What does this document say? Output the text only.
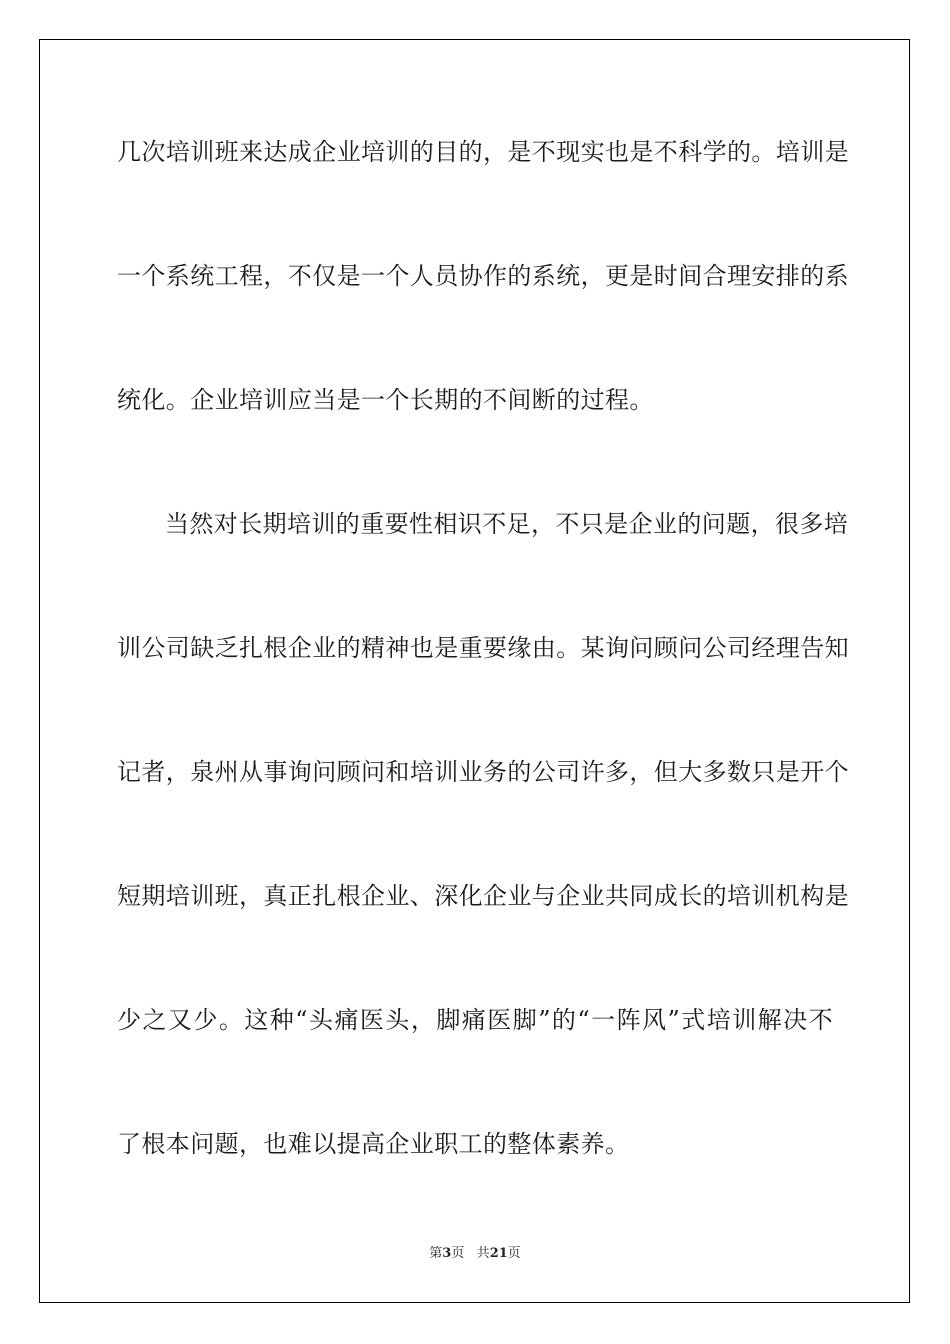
几次培训班来达成企业培训的目的，是不现实也是不科学的。培训是
一个系统工程，不仅是一个人员协作的系统，更是时间合理安排的系
统化。企业培训应当是一个长期的不间断的过程。
当然对长期培训的重要性相识不足，不只是企业的问题，很多培
训公司缺乏扎根企业的精神也是重要缘由。某询问顾问公司经理告知
记者，泉州从事询问顾问和培训业务的公司许多，但大多数只是开个
短期培训班，真正扎根企业、深化企业与企业共同成长的培训机构是
少之又少。这种“头痛医头，脚痛医脚”的“一阵风”式培训解决不
了根本问题，也难以提高企业职工的整体素养。
第3页 共21页
